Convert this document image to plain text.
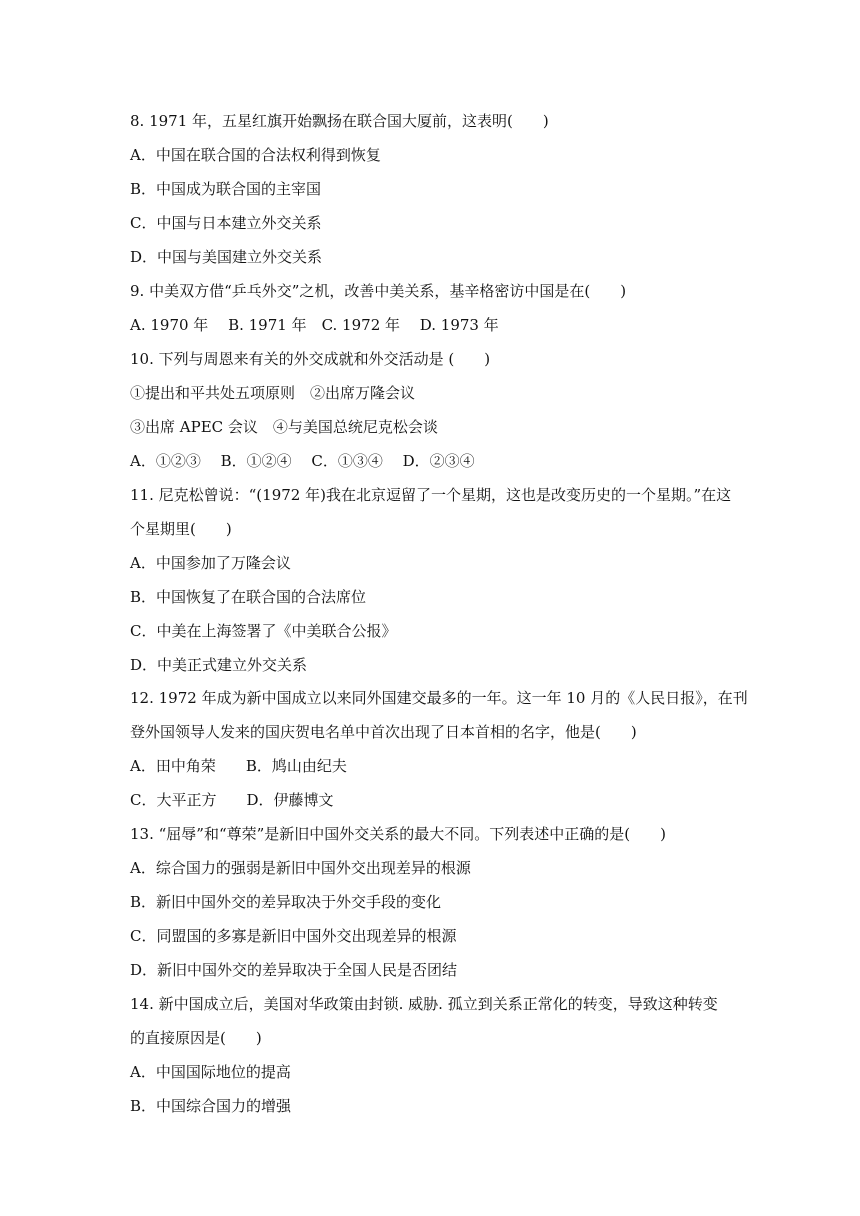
8. 1971 年，五星红旗开始飘扬在联合国大厦前，这表明(　　)
A．中国在联合国的合法权利得到恢复
B．中国成为联合国的主宰国
C．中国与日本建立外交关系
D．中国与美国建立外交关系
9. 中美双方借“乒乓外交”之机，改善中美关系，基辛格密访中国是在(　　)
A. 1970 年　 B. 1971 年　C. 1972 年　 D. 1973 年
10. 下列与周恩来有关的外交成就和外交活动是 (　　)
①提出和平共处五项原则　②出席万隆会议
③出席 APEC 会议　④与美国总统尼克松会谈
A．①②③　 B．①②④　 C．①③④　 D．②③④
11. 尼克松曾说：“(1972 年)我在北京逗留了一个星期，这也是改变历史的一个星期。”在这
个星期里(　　)
A．中国参加了万隆会议
B．中国恢复了在联合国的合法席位
C．中美在上海签署了《中美联合公报》
D．中美正式建立外交关系
12. 1972 年成为新中国成立以来同外国建交最多的一年。这一年 10 月的《人民日报》，在刊
登外国领导人发来的国庆贺电名单中首次出现了日本首相的名字，他是(　　)
A．田中角荣　　B．鸠山由纪夫
C．大平正方　　D．伊藤博文
13. “屈辱”和“尊荣”是新旧中国外交关系的最大不同。下列表述中正确的是(　　)
A．综合国力的强弱是新旧中国外交出现差异的根源
B．新旧中国外交的差异取决于外交手段的变化
C．同盟国的多寡是新旧中国外交出现差异的根源
D．新旧中国外交的差异取决于全国人民是否团结
14. 新中国成立后，美国对华政策由封锁. 威胁. 孤立到关系正常化的转变，导致这种转变
的直接原因是(　　)
A．中国国际地位的提高
B．中国综合国力的增强
